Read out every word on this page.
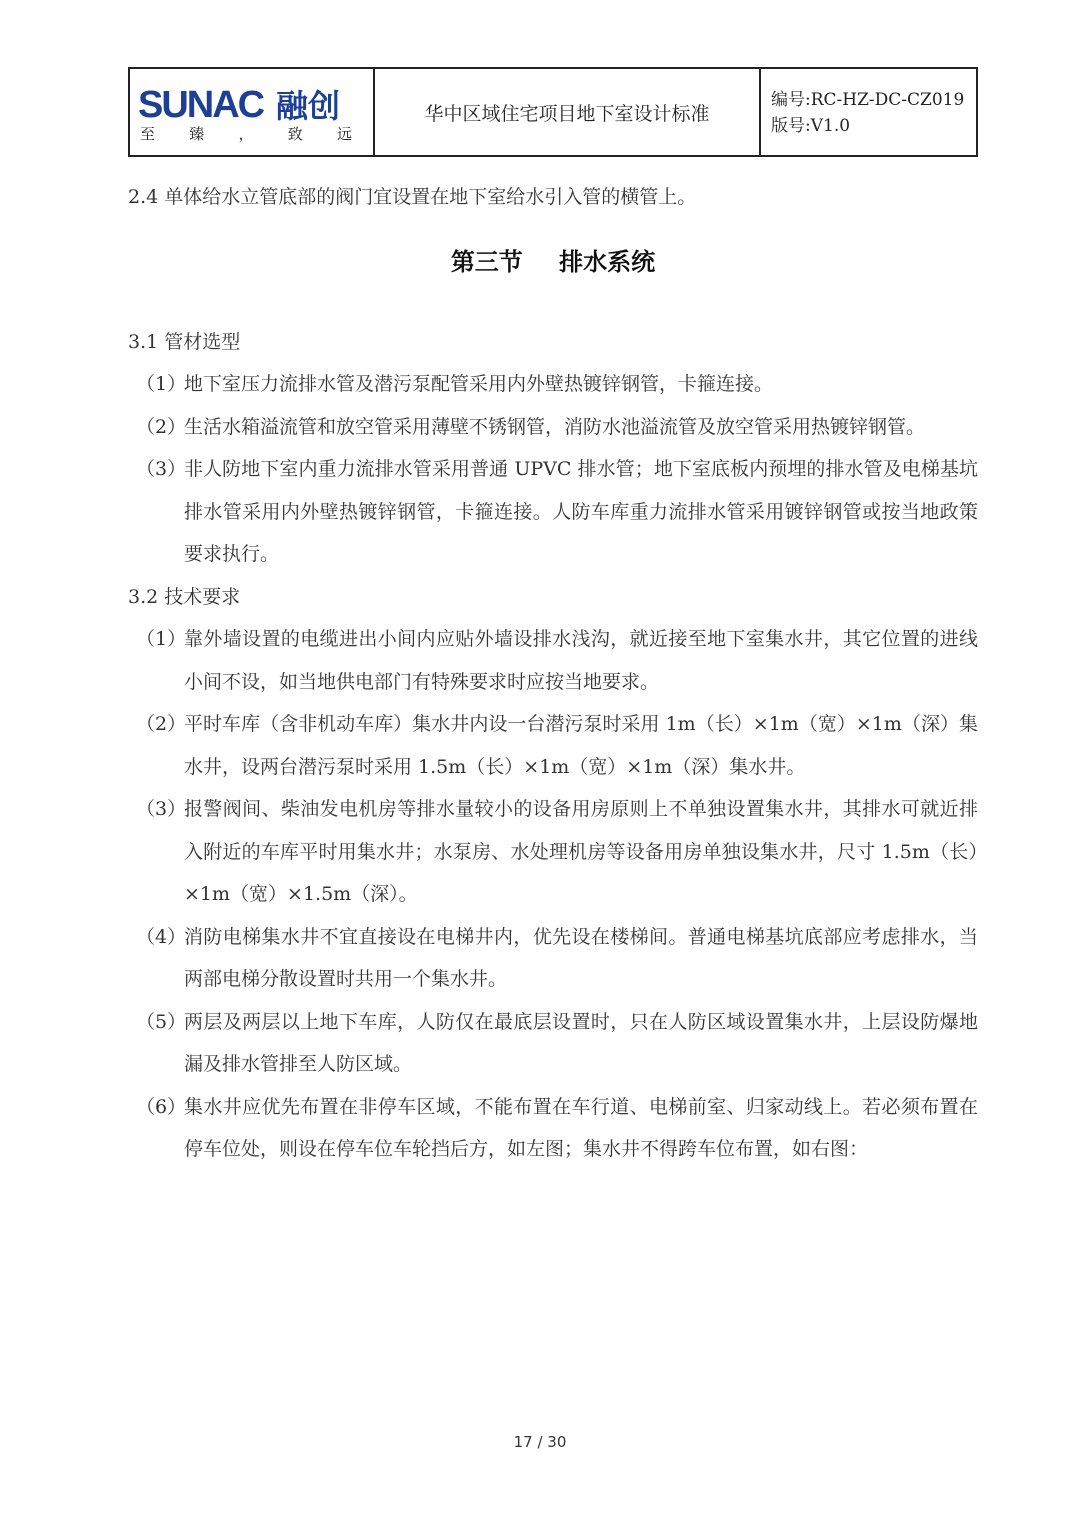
SUNAC 融创
至 臻 ， 致 远
华中区域住宅项目地下室设计标准
编号:RC-HZ-DC-CZ019
版号:V1.0

2.4 单体给水立管底部的阀门宜设置在地下室给水引入管的横管上。

第三节 排水系统

3.1 管材选型

（1）
地下室压力流排水管及潜污泵配管采用内外壁热镀锌钢管，卡箍连接。
（2）
生活水箱溢流管和放空管采用薄壁不锈钢管，消防水池溢流管及放空管采用热镀锌钢管。
（3）
非人防地下室内重力流排水管采用普通 UPVC 排水管；地下室底板内预埋的排水管及电梯基坑排水管采用内外壁热镀锌钢管，卡箍连接。人防车库重力流排水管采用镀锌钢管或按当地政策要求执行。

3.2 技术要求

（1）
靠外墙设置的电缆进出小间内应贴外墙设排水浅沟，就近接至地下室集水井，其它位置的进线小间不设，如当地供电部门有特殊要求时应按当地要求。
（2）
平时车库（含非机动车库）集水井内设一台潜污泵时采用 1m（长）×1m（宽）×1m（深）集水井，设两台潜污泵时采用 1.5m（长）×1m（宽）×1m（深）集水井。
（3）
报警阀间、柴油发电机房等排水量较小的设备用房原则上不单独设置集水井，其排水可就近排入附近的车库平时用集水井；水泵房、水处理机房等设备用房单独设集水井，尺寸 1.5m（长）×1m（宽）×1.5m（深）。
（4）
消防电梯集水井不宜直接设在电梯井内，优先设在楼梯间。普通电梯基坑底部应考虑排水，当两部电梯分散设置时共用一个集水井。
（5）
两层及两层以上地下车库，人防仅在最底层设置时，只在人防区域设置集水井，上层设防爆地漏及排水管排至人防区域。
（6）
集水井应优先布置在非停车区域，不能布置在车行道、电梯前室、归家动线上。若必须布置在停车位处，则设在停车位车轮挡后方，如左图；集水井不得跨车位布置，如右图：
17 / 30
